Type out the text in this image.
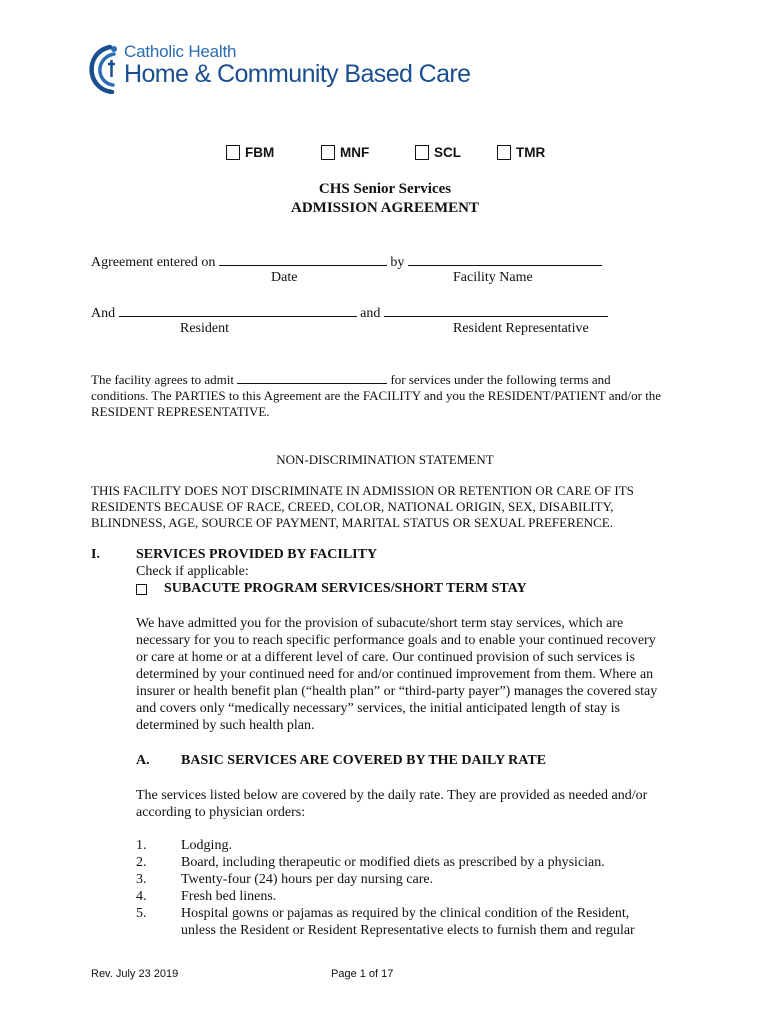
Catholic Health
Home & Community Based Care
FBM	MNF	SCL	TMR
CHS Senior Services
ADMISSION AGREEMENT
Agreement entered on	by
Date	Facility Name
And	and
Resident	Resident Representative
The facility agrees to admit	for services under the following terms and
conditions. The PARTIES to this Agreement are the FACILITY and you the RESIDENT/PATIENT and/or the
RESIDENT REPRESENTATIVE.
NON-DISCRIMINATION STATEMENT
THIS FACILITY DOES NOT DISCRIMINATE IN ADMISSION OR RETENTION OR CARE OF ITS
RESIDENTS BECAUSE OF RACE, CREED, COLOR, NATIONAL ORIGIN, SEX, DISABILITY,
BLINDNESS, AGE, SOURCE OF PAYMENT, MARITAL STATUS OR SEXUAL PREFERENCE.
I.	SERVICES PROVIDED BY FACILITY
Check if applicable:
SUBACUTE PROGRAM SERVICES/SHORT TERM STAY
We have admitted you for the provision of subacute/short term stay services, which are
necessary for you to reach specific performance goals and to enable your continued recovery
or care at home or at a different level of care. Our continued provision of such services is
determined by your continued need for and/or continued improvement from them. Where an
insurer or health benefit plan (“health plan” or “third-party payer”) manages the covered stay
and covers only “medically necessary” services, the initial anticipated length of stay is
determined by such health plan.
A. BASIC SERVICES ARE COVERED BY THE DAILY RATE
The services listed below are covered by the daily rate. They are provided as needed and/or
according to physician orders:
1. Lodging.
2. Board, including therapeutic or modified diets as prescribed by a physician.
3. Twenty-four (24) hours per day nursing care.
4. Fresh bed linens.
5. Hospital gowns or pajamas as required by the clinical condition of the Resident,
unless the Resident or Resident Representative elects to furnish them and regular
Rev. July 23 2019	Page 1 of 17
